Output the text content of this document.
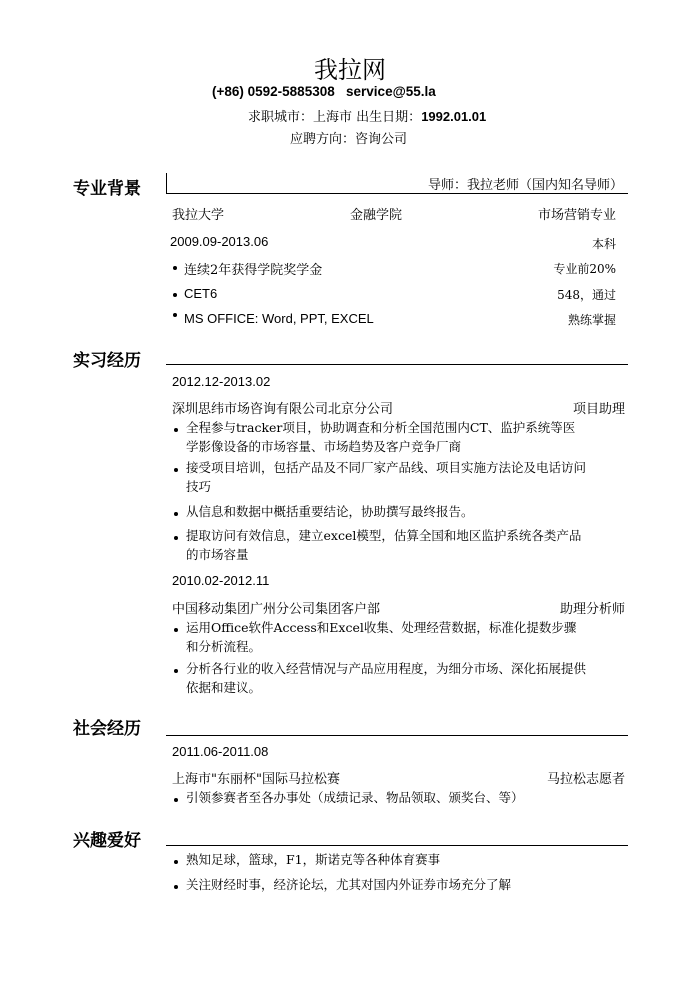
我拉网
(+86) 0592-5885308 service@55.la
求职城市：上海市 出生日期：1992.01.01
应聘方向：咨询公司
专业背景	导师：我拉老师（国内知名导师）
我拉大学	金融学院	市场营销专业
2009.09-2013.06	本科
连续2年获得学院奖学金	专业前20%
CET6	548，通过
MS OFFICE: Word, PPT, EXCEL	熟练掌握
实习经历
2012.12-2013.02
深圳思纬市场咨询有限公司北京分公司	项目助理
全程参与tracker项目，协助调查和分析全国范围内CT、监护系统等医学影像设备的市场容量、市场趋势及客户竞争厂商
接受项目培训，包括产品及不同厂家产品线、项目实施方法论及电话访问技巧
从信息和数据中概括重要结论，协助撰写最终报告。
提取访问有效信息，建立excel模型，估算全国和地区监护系统各类产品的市场容量
2010.02-2012.11
中国移动集团广州分公司集团客户部	助理分析师
运用Office软件Access和Excel收集、处理经营数据，标准化提数步骤和分析流程。
分析各行业的收入经营情况与产品应用程度，为细分市场、深化拓展提供依据和建议。
社会经历
2011.06-2011.08
上海市"东丽杯"国际马拉松赛	马拉松志愿者
引领参赛者至各办事处（成绩记录、物品领取、颁奖台、等）
兴趣爱好
熟知足球，篮球，F1，斯诺克等各种体育赛事
关注财经时事，经济论坛，尤其对国内外证券市场充分了解
